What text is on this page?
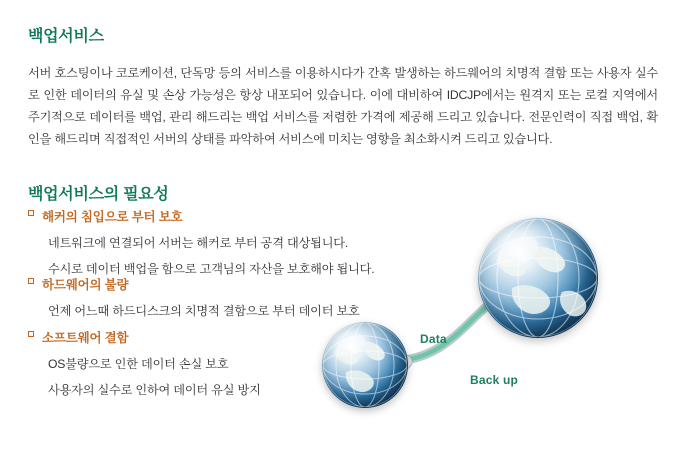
백업서비스

서버 호스팅이나 코로케이션, 단독망 등의 서비스를 이용하시다가 간혹 발생하는 하드웨어의 치명적 결함 또는 사용자 실수로 인한 데이터의 유실 및 손상 가능성은 항상 내포되어 있습니다. 이에 대비하여 IDCJP에서는 원격지 또는 로컬 지역에서 주기적으로 데이터를 백업, 관리 해드리는 백업 서비스를 저렴한 가격에 제공해 드리고 있습니다. 전문인력이 직접 백업, 확인을 해드리며 직접적인 서버의 상태를 파악하여 서비스에 미치는 영향을 최소화시켜 드리고 있습니다.

백업서비스의 필요성
해커의 침입으로 부터 보호
네트워크에 연결되어 서버는 해커로 부터 공격 대상됩니다.
수시로 데이터 백업을 함으로 고객님의 자산을 보호해야 됩니다.
하드웨어의 불량
언제 어느때 하드디스크의 치명적 결함으로 부터 데이터 보호
소프트웨어 결함
OS불량으로 인한 데이터 손실 보호
사용자의 실수로 인하여 데이터 유실 방지
Data
Back up
